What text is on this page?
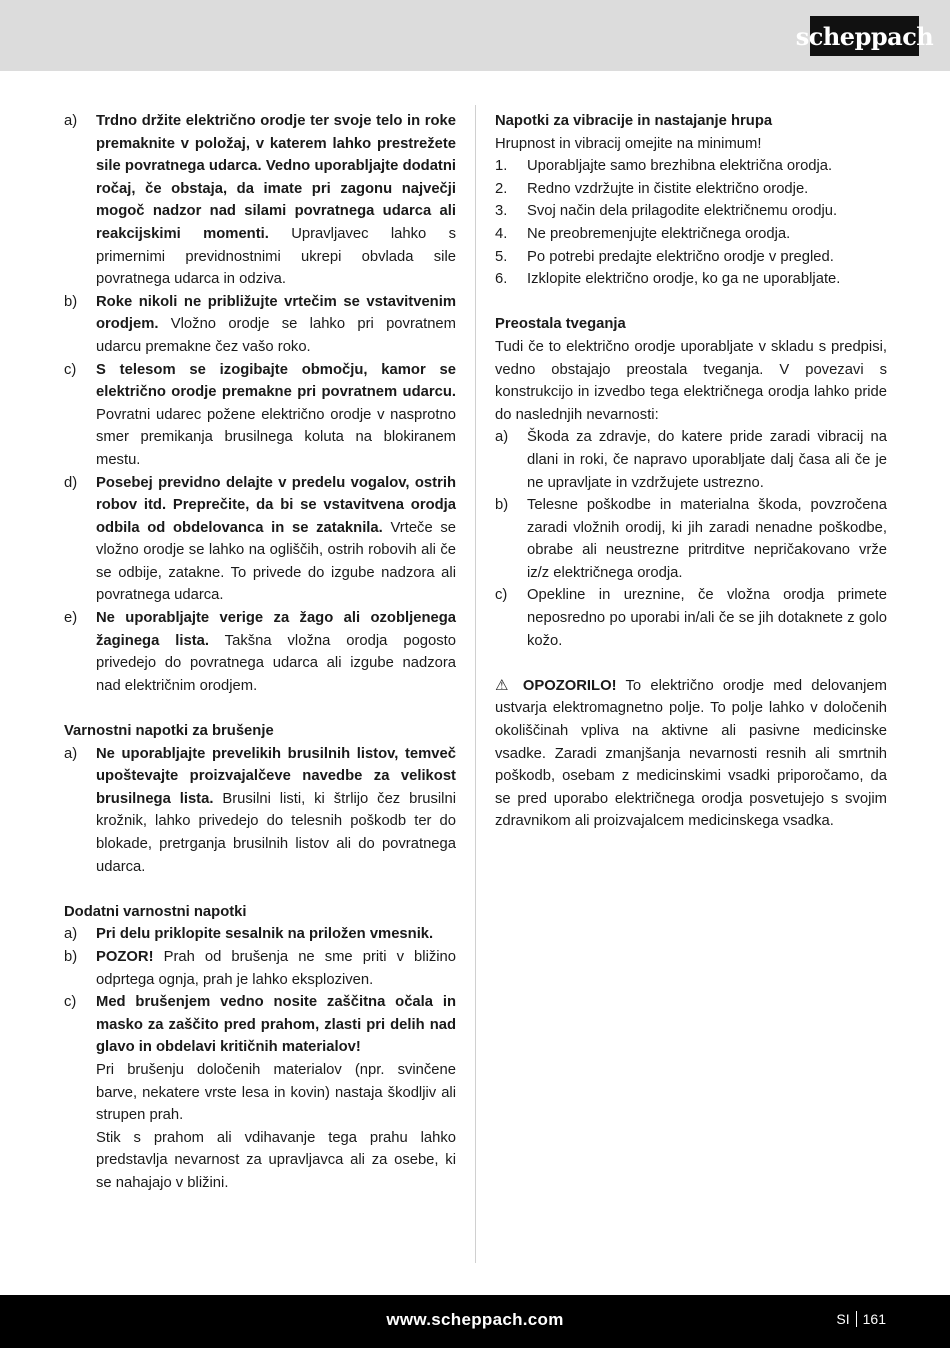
scheppach
a)	Trdno držite električno orodje ter svoje telo in roke premaknite v položaj, v katerem lahko prestrežete sile povratnega udarca. Vedno uporabljajte dodatni ročaj, če obstaja, da imate pri zagonu največji mogoč nadzor nad silami povratnega udarca ali reakcijskimi momenti. Upravljavec lahko s primernimi previdnostnimi ukrepi obvlada sile povratnega udarca in odziva.
b)	Roke nikoli ne približujte vrtečim se vstavitvenim orodjem. Vložno orodje se lahko pri povratnem udarcu premakne čez vašo roko.
c)	S telesom se izogibajte območju, kamor se električno orodje premakne pri povratnem udarcu. Povratni udarec požene električno orodje v nasprotno smer premikanja brusilnega koluta na blokiranem mestu.
d)	Posebej previdno delajte v predelu vogalov, ostrih robov itd. Preprečite, da bi se vstavitvena orodja odbila od obdelovanca in se zataknila. Vrteče se vložno orodje se lahko na ogliščih, ostrih robovih ali če se odbije, zatakne. To privede do izgube nadzora ali povratnega udarca.
e)	Ne uporabljajte verige za žago ali ozobljenega žaginega lista. Takšna vložna orodja pogosto privedejo do povratnega udarca ali izgube nadzora nad električnim orodjem.
Varnostni napotki za brušenje
a)	Ne uporabljajte prevelikih brusilnih listov, temveč upoštevajte proizvajalčeve navedbe za velikost brusilnega lista. Brusilni listi, ki štrlijo čez brusilni krožnik, lahko privedejo do telesnih poškodb ter do blokade, pretrganja brusilnih listov ali do povratnega udarca.
Dodatni varnostni napotki
a)	Pri delu priklopite sesalnik na priložen vmesnik.
b)	POZOR! Prah od brušenja ne sme priti v bližino odprtega ognja, prah je lahko eksploziven.
c)	Med brušenjem vedno nosite zaščitna očala in masko za zaščito pred prahom, zlasti pri delih nad glavo in obdelavi kritičnih materialov!
Pri brušenju določenih materialov (npr. svinčene barve, nekatere vrste lesa in kovin) nastaja škodljiv ali strupen prah.
Stik s prahom ali vdihavanje tega prahu lahko predstavlja nevarnost za upravljavca ali za osebe, ki se nahajajo v bližini.
Napotki za vibracije in nastajanje hrupa
Hrupnost in vibracij omejite na minimum!
1.	Uporabljajte samo brezhibna električna orodja.
2.	Redno vzdržujte in čistite električno orodje.
3.	Svoj način dela prilagodite električnemu orodju.
4.	Ne preobremenjujte električnega orodja.
5.	Po potrebi predajte električno orodje v pregled.
6.	Izklopite električno orodje, ko ga ne uporabljate.
Preostala tveganja
Tudi če to električno orodje uporabljate v skladu s predpisi, vedno obstajajo preostala tveganja. V povezavi s konstrukcijo in izvedbo tega električnega orodja lahko pride do naslednjih nevarnosti:
a)	Škoda za zdravje, do katere pride zaradi vibracij na dlani in roki, če napravo uporabljate dalj časa ali če je ne upravljate in vzdržujete ustrezno.
b)	Telesne poškodbe in materialna škoda, povzročena zaradi vložnih orodij, ki jih zaradi nenadne poškodbe, obrabe ali neustrezne pritrditve nepričakovano vrže iz/z električnega orodja.
c)	Opekline in ureznine, če vložna orodja primete neposredno po uporabi in/ali če se jih dotaknete z golo kožo.
⚠ OPOZORILO! To električno orodje med delovanjem ustvarja elektromagnetno polje. To polje lahko v določenih okoliščinah vpliva na aktivne ali pasivne medicinske vsadke. Zaradi zmanjšanja nevarnosti resnih ali smrtnih poškodb, osebam z medicinskimi vsadki priporočamo, da se pred uporabo električnega orodja posvetujejo s svojim zdravnikom ali proizvajalcem medicinskega vsadka.
www.scheppach.com	SI 161
